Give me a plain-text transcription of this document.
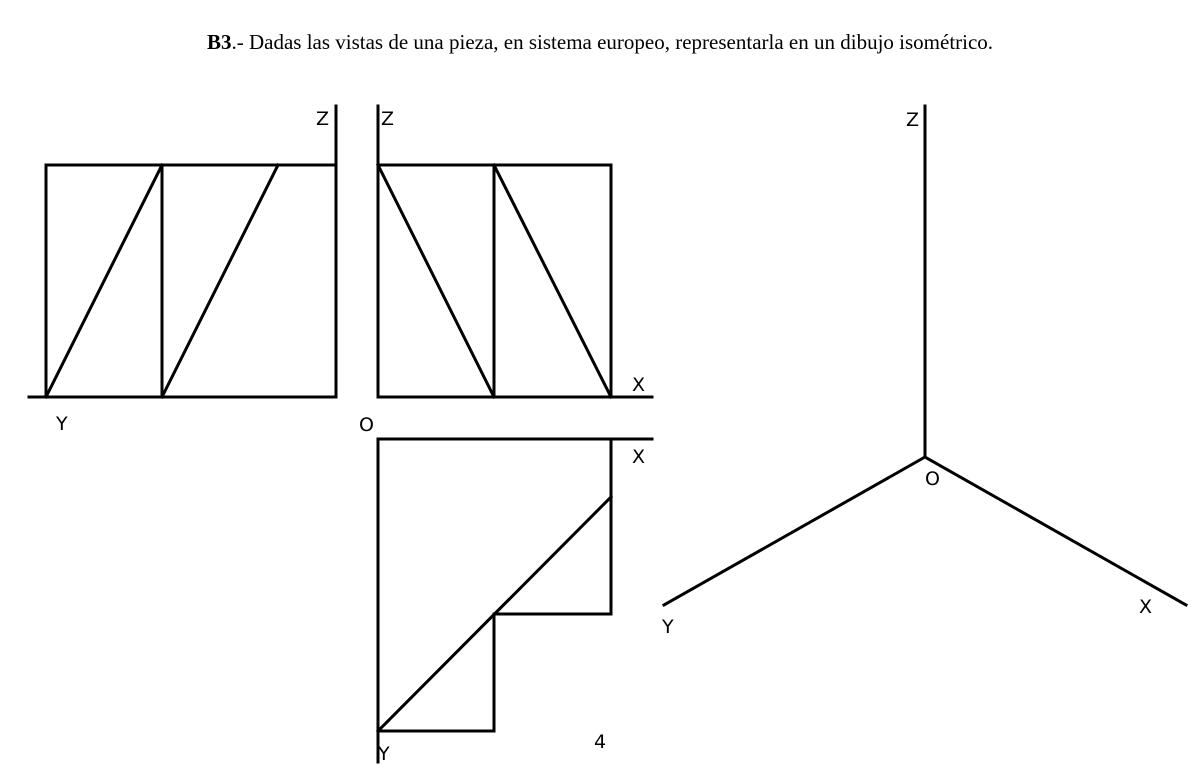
B3.- Dadas las vistas de una pieza, en sistema europeo, representarla en un dibujo isométrico.
Z
Y
Z
X
O
X
Y
4
Z
O
X
Y
